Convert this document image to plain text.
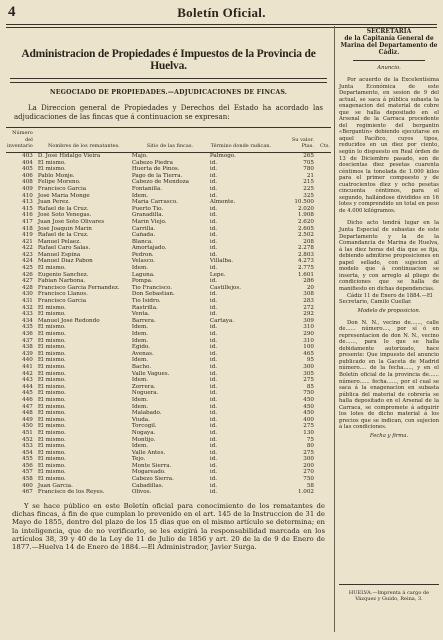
4	Boletín Oficial.
Administracion de Propiedades é Impuestos de la Provincia de Huelva.
NEGOCIADO DE PROPIEDADES.—ADJUDICACIONES DE FINCAS.
La Direccion general de Propiedades y Derechos del Estado ha acordado las adjudicaciones de las fincas que á continuacion se expresan:
Número del inventario	Nombres de los rematantes.	Sitio de las fincas.	Término donde radican.	Su valor.
Ptas.	Cts.
403	D. José Hidalgo Vieira	Majo.	Palmogo.	265	
404	El mismo.	Cabezo Piedra	id.	705	
405	El mismo.	Huerta de Pinos.	id.	780	
406	Pablo Monje.	Pago de la Tierra.	id.	21	
408	Felipe Moreno.	Cabezo de Mendoza	id.	215	
409	Francisco García	Fontanilla.	id.	225	
410	José María Monge	Idem.	id.	325	
413	Juan Perez.	María Carrasco.	Almonte.	10.500	
415	Rafael de la Cruz.	Puerto Tío.	id.	2.020	
416	José Soto Venegas.	Granadilla.	id.	1.908	
417	Juan José Soto Olivares	Marín Viejo.	id.	2.620	
418	José Joaquín Marín	Carrilla.	id.	2.605	
419	Rafael de la Cruz.	Cañada.	id.	2.502	
421	Manuel Pelaez.	Blanca.	id.	208	
422	Rafael Caro Salas.	Amortajado.	id.	2.278	
423	Manuel Espina	Pedron.	id.	2.803	
424	Manuel Díaz Pabon	Velasco.	Villalba.	4.273	
425	El mismo.	Idem.	id.	2.775	
426	Eugenio Sanchez.	Laguna.	Lepe.	1.601	
427	Fabian Narbona.	Pompa.	id.	286	
428	Francisco García Fernandez.	Tio Francisco.	Castillejos.	20	
430	Francisco Llanos.	Don Sebastian.	id.	308	
431	Francisco García	Tío Isidro.	id.	283	
432	El mismo.	Rastrilla.	id.	272	
433	El mismo.	Venta.	id.	292	
434	Manuel José Redondo	Barrera.	Cartaya.	309	
435	El mismo.	Idem.	id.	310	
436	El mismo.	Idem.	id.	290	
437	El mismo.	Idem.	id.	310	
438	El mismo.	Egido.	id.	100	
439	El mismo.	Avenas.	id.	465	
440	El mismo.	Idem.	id.	95	
441	El mismo.	Bacho.	id.	300	
442	El mismo.	Valle Vagues.	id.	305	
443	El mismo.	Idem.	id.	275	
444	El mismo.	Zorrera.	id.	85	
445	El mismo.	Noguera.	id.	750	
446	El mismo.	Idem.	id.	450	
447	El mismo.	Idem.	id.	450	
448	El mismo.	Malabado.	id.	450	
449	El mismo.	Viuda.	id.	400	
450	El mismo.	Torcogil.	id.	275	
451	El mismo.	Nogaya.	id.	130	
452	El mismo.	Montijo.	id.	75	
453	El mismo.	Idem.	id.	80	
454	El mismo.	Valle Antes.	id.	275	
455	El mismo.	Tejo.	id.	300	
456	El mismo.	Monte Sierra.	id.	200	
457	El mismo.	Mogareado.	id.	270	
458	El mismo.	Cabezo Sierra.	id.	750	
460	Juan García.	Cabadillas.	id.	58	
467	Francisco de los Reyes.	Olivos.	id.	1.002	
Y se hace público en este Boletín oficial para conocimiento de los rematantes de dichas fincas, á fin de que cumplan lo prevenido en el art. 145 de la Instruccion de 31 de Mayo de 1855, dentro del plazo de los 15 dias que en el mismo artículo se determina; en la inteligencia, que de no verificarlo, se les exigirá la responsabilidad marcada en los artículos 38, 39 y 40 de la Ley de 11 de Julio de 1856 y art. 20 de la de 9 de Enero de 1877.—Huelva 14 de Enero de 1884.—El Administrador, Javier Surga.
SECRETARÍA
de la Capitanía General de Marina del Departamento de Cádiz.
Anuncio.
Por acuerdo de la Excelentísima Junta Económica de este Departamento, en sesion de 9 del actual, se saca á pública subasta la enagenacion del material de cobre que se halla depositado en el Arsenal de la Carraca procedente del regimiento del bergantin «Bergantín» debiendo ejecutarse en aquel Pacífico, cuyos tipos, reducidos en un diez por ciento, según lo dispuesto en Real órden de 13 de Diciembre pasado, son de doscientas diez pesetas cuarenta céntimos la tonelada de 1.000 kilos para el primer compuesto y de cuatrocientos diez y ocho pesetas cincuenta céntimos, para el segundo, hallándose divididos en 16 lotes y comprendido un total en peso de 4.000 kilógramos.
Dicho acto tendrá lugar en la Junta Especial de subastas de este Departamento y la de la Comandancia de Marina de Huelva, á las diez horas del día que se fija, debiendo admitirse proposiciones en papel sellado, con sujecion al modelo que á continuacion se inserta, y con arreglo al pliego de condiciones que se halla de manifiesto en dichas dependencias.
Cádiz 11 de Enero de 1884.—El Secretario, Camilo Cuellar.
Modelo de proposicion.
Don N. N., vecino de......, calle de...... número...., por sí ó en representacion de don N. N., vecino de......, para lo que se halla debidamente autorizado, hace presente: Que impuesto del anuncio publicado en la Gaceta de Madrid número.... de la fecha....., y en el Boletín oficial de la provincia de...... número...... fecha......, por el cual se saca á la enagenacion en subasta pública del material de cobrería se halla depositado en el Arsenal de la Carraca, se compromete á adquirir los lotes de dicho material á los precios que se indican, con sujecion á las condiciones.
Fecha y firma.
HUELVA.—Imprenta á cargo de Vázquez y Guido, Reina, 3.
